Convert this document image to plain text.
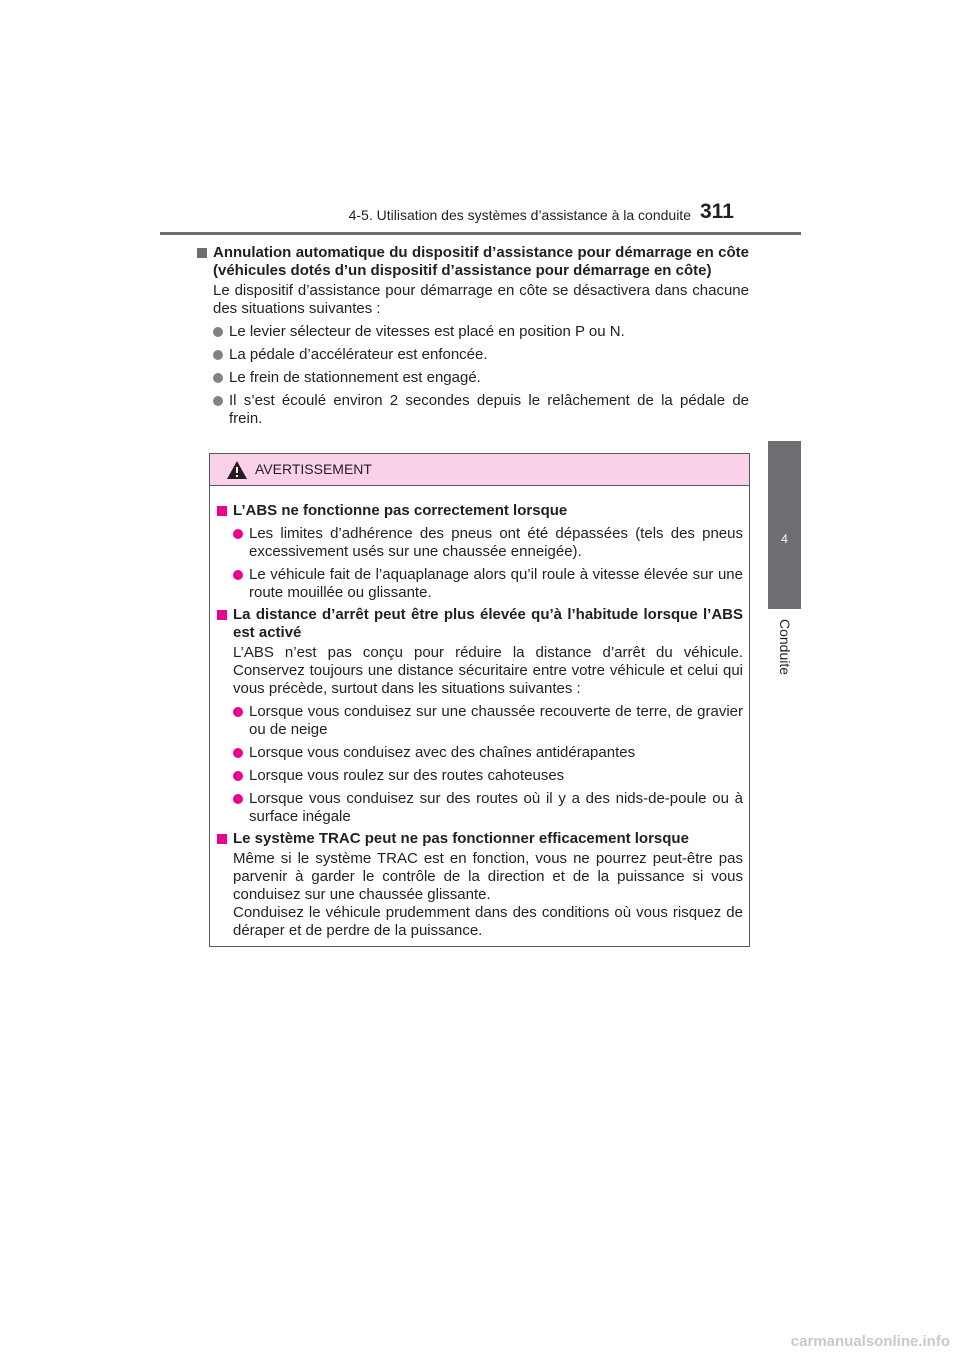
4-5. Utilisation des systèmes d’assistance à la conduite 311
4
Conduite
Annulation automatique du dispositif d’assistance pour démarrage en côte (véhicules dotés d’un dispositif d’assistance pour démarrage en côte)
Le dispositif d’assistance pour démarrage en côte se désactivera dans chacune des situations suivantes :
Le levier sélecteur de vitesses est placé en position P ou N.
La pédale d’accélérateur est enfoncée.
Le frein de stationnement est engagé.
Il s’est écoulé environ 2 secondes depuis le relâchement de la pédale de frein.
AVERTISSEMENT
L’ABS ne fonctionne pas correctement lorsque
Les limites d’adhérence des pneus ont été dépassées (tels des pneus excessivement usés sur une chaussée enneigée).
Le véhicule fait de l’aquaplanage alors qu’il roule à vitesse élevée sur une route mouillée ou glissante.
La distance d’arrêt peut être plus élevée qu’à l’habitude lorsque l’ABS est activé
L’ABS n’est pas conçu pour réduire la distance d’arrêt du véhicule. Conservez toujours une distance sécuritaire entre votre véhicule et celui qui vous précède, surtout dans les situations suivantes :
Lorsque vous conduisez sur une chaussée recouverte de terre, de gravier ou de neige
Lorsque vous conduisez avec des chaînes antidérapantes
Lorsque vous roulez sur des routes cahoteuses
Lorsque vous conduisez sur des routes où il y a des nids-de-poule ou à surface inégale
Le système TRAC peut ne pas fonctionner efficacement lorsque
Même si le système TRAC est en fonction, vous ne pourrez peut-être pas parvenir à garder le contrôle de la direction et de la puissance si vous conduisez sur une chaussée glissante.
Conduisez le véhicule prudemment dans des conditions où vous risquez de déraper et de perdre de la puissance.
carmanualsonline.info
